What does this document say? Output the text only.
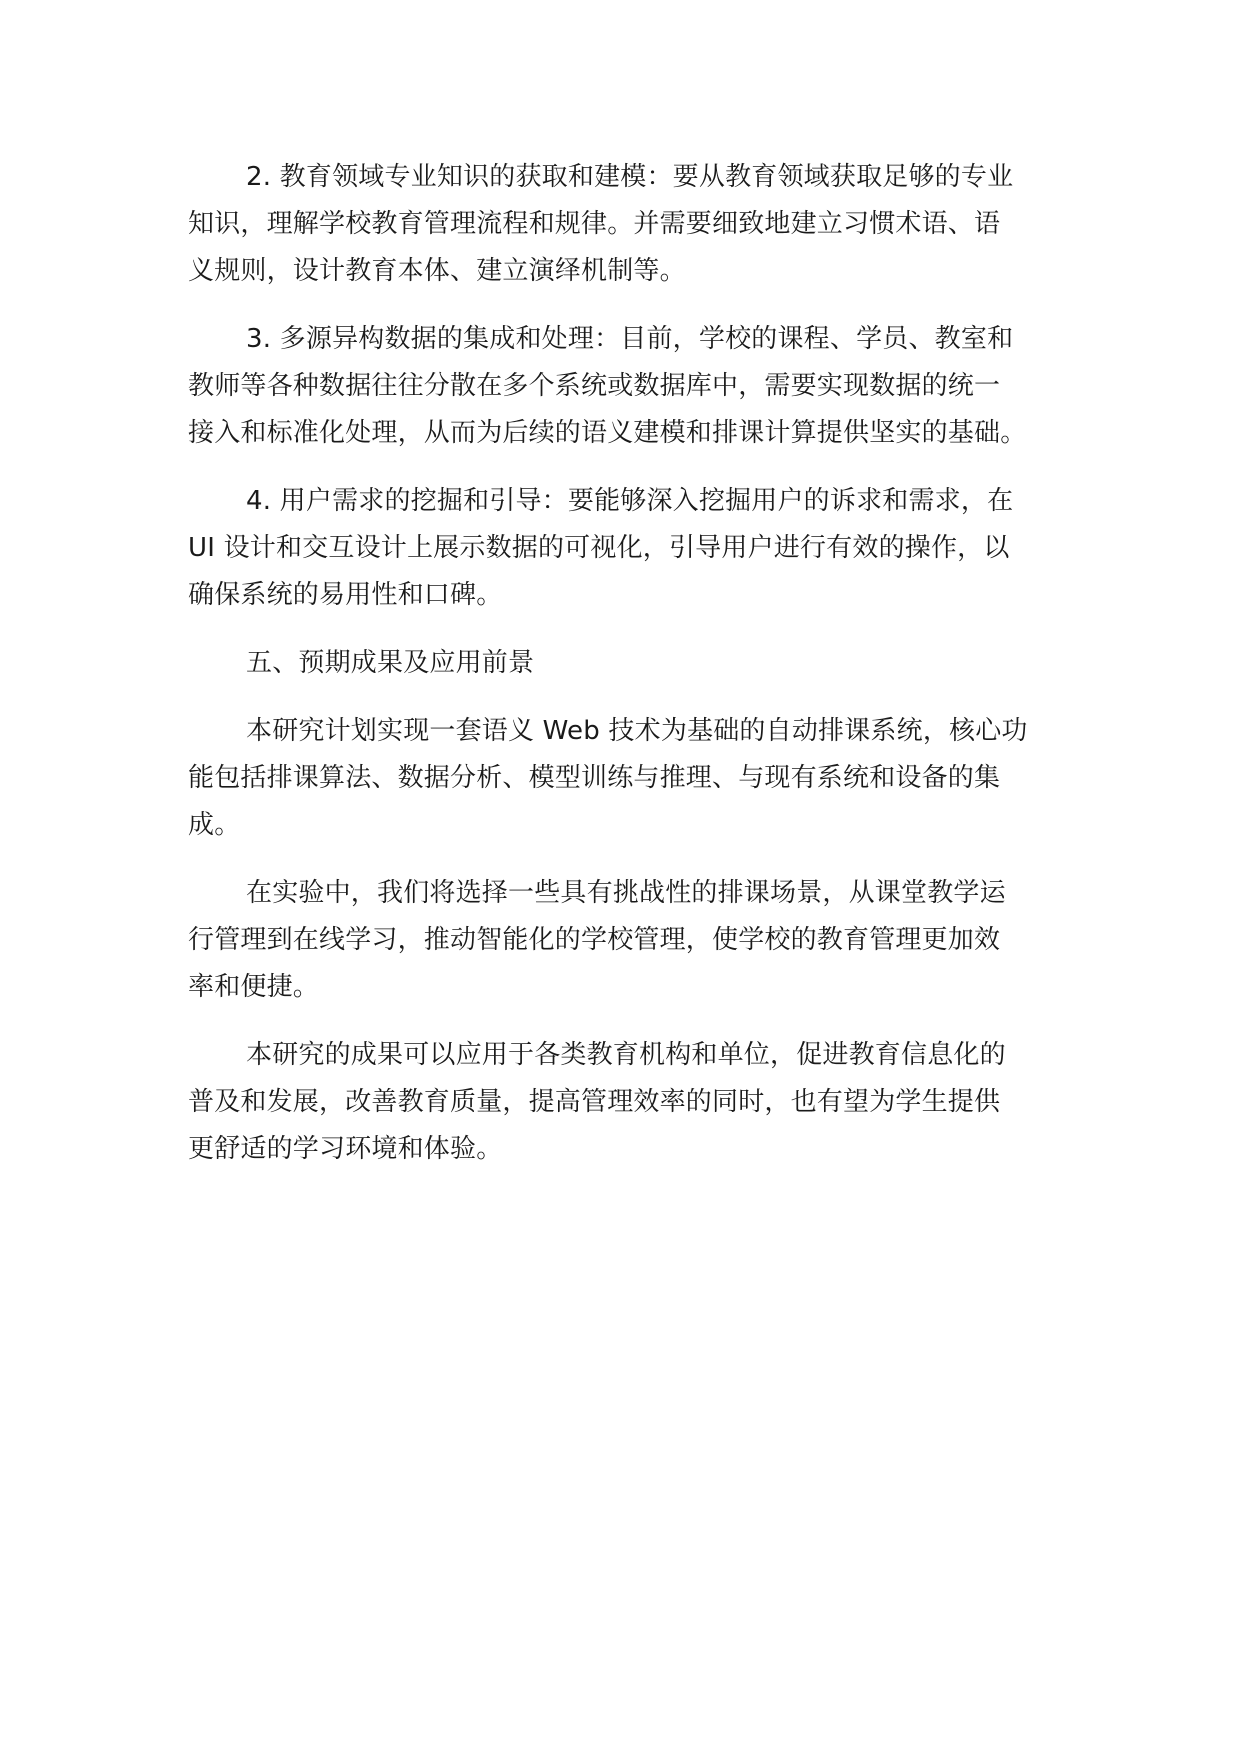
2. 教育领域专业知识的获取和建模：要从教育领域获取足够的专业
知识，理解学校教育管理流程和规律。并需要细致地建立习惯术语、语
义规则，设计教育本体、建立演绎机制等。

3. 多源异构数据的集成和处理：目前，学校的课程、学员、教室和
教师等各种数据往往分散在多个系统或数据库中，需要实现数据的统一
接入和标准化处理，从而为后续的语义建模和排课计算提供坚实的基础。

4. 用户需求的挖掘和引导：要能够深入挖掘用户的诉求和需求，在
UI 设计和交互设计上展示数据的可视化，引导用户进行有效的操作，以
确保系统的易用性和口碑。

五、预期成果及应用前景

本研究计划实现一套语义 Web 技术为基础的自动排课系统，核心功
能包括排课算法、数据分析、模型训练与推理、与现有系统和设备的集
成。

在实验中，我们将选择一些具有挑战性的排课场景，从课堂教学运
行管理到在线学习，推动智能化的学校管理，使学校的教育管理更加效
率和便捷。

本研究的成果可以应用于各类教育机构和单位，促进教育信息化的
普及和发展，改善教育质量，提高管理效率的同时，也有望为学生提供
更舒适的学习环境和体验。
